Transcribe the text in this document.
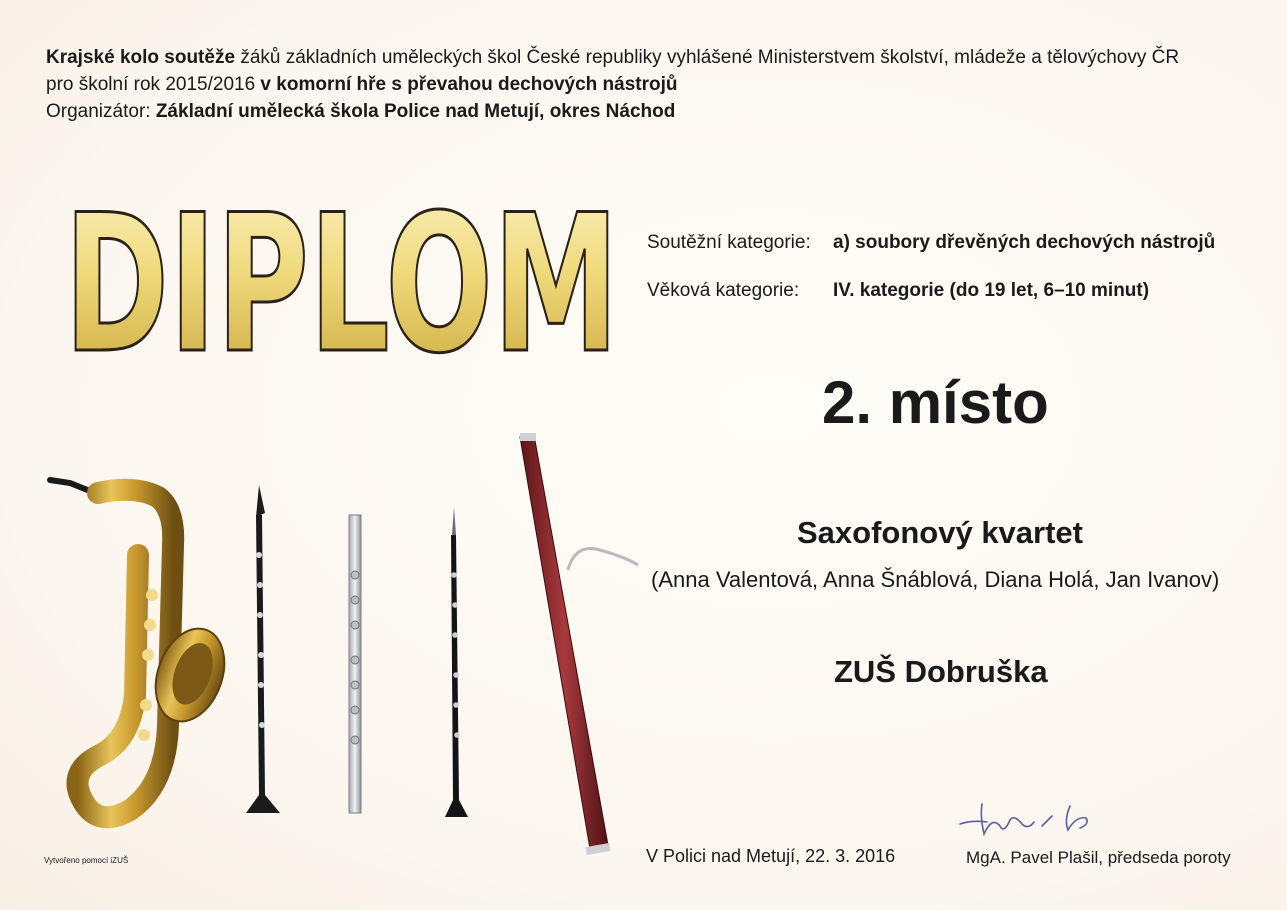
Krajské kolo soutěže žáků základních uměleckých škol České republiky vyhlášené Ministerstvem školství, mládeže a tělovýchovy ČR
pro školní rok 2015/2016 v komorní hře s převahou dechových nástrojů
Organizátor: Základní umělecká škola Police nad Metují, okres Náchod
DIPLOM Soutěžní kategorie: a) soubory dřevěných dechových nástrojů
Věková kategorie: IV. kategorie (do 19 let, 6–10 minut)
2. místo
Saxofonový kvartet
(Anna Valentová, Anna Šnáblová, Diana Holá, Jan Ivanov)
ZUŠ Dobruška
V Polici nad Metují, 22. 3. 2016	MgA. Pavel Plašil, předseda poroty
Vytvořeno pomocí iZUŠ
